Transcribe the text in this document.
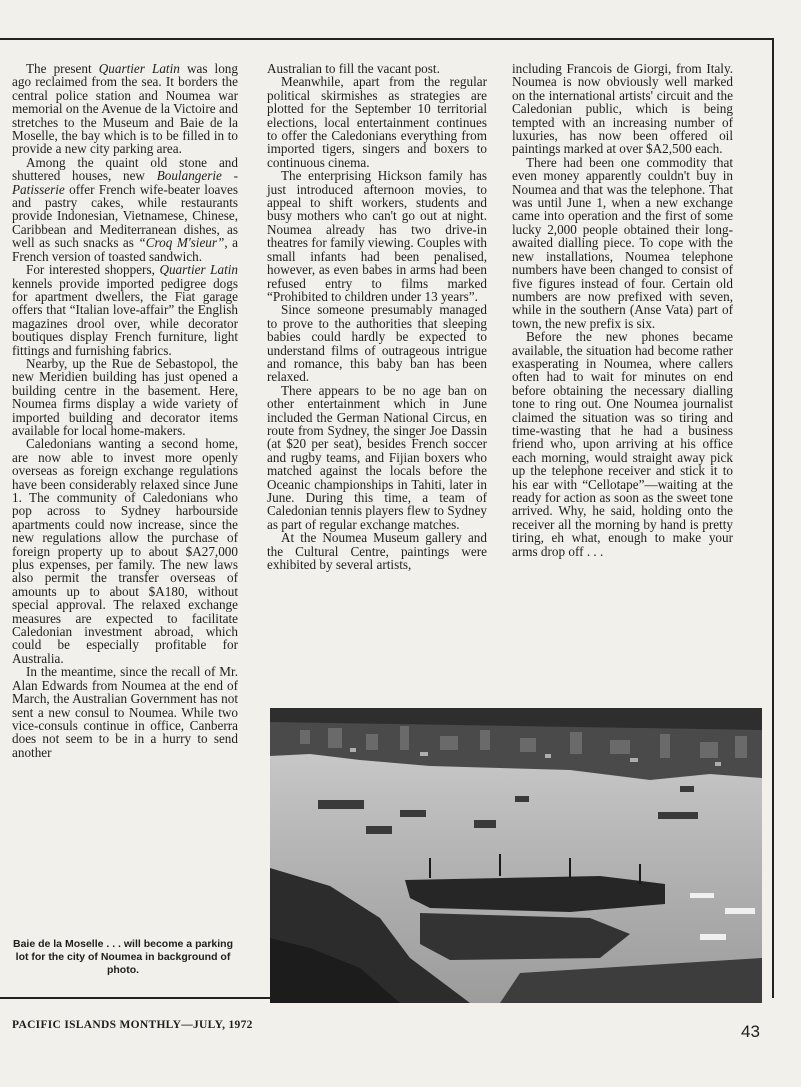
The present Quartier Latin was long ago reclaimed from the sea. It borders the central police station and Noumea war memorial on the Avenue de la Victoire and stretches to the Museum and Baie de la Moselle, the bay which is to be filled in to provide a new city parking area.

Among the quaint old stone and shuttered houses, new Boulangerie - Patisserie offer French wife-beater loaves and pastry cakes, while restaurants provide Indonesian, Vietnamese, Chinese, Caribbean and Mediterranean dishes, as well as such snacks as “Croq M'sieur”, a French version of toasted sandwich.

For interested shoppers, Quartier Latin kennels provide imported pedigree dogs for apartment dwellers, the Fiat garage offers that “Italian love-affair” the English magazines drool over, while decorator boutiques display French furniture, light fittings and furnishing fabrics.

Nearby, up the Rue de Sebastopol, the new Meridien building has just opened a building centre in the basement. Here, Noumea firms display a wide variety of imported building and decorator items available for local home-makers.

Caledonians wanting a second home, are now able to invest more openly overseas as foreign exchange regulations have been considerably relaxed since June 1. The community of Caledonians who pop across to Sydney harbourside apartments could now increase, since the new regulations allow the purchase of foreign property up to about $A27,000 plus expenses, per family. The new laws also permit the transfer overseas of amounts up to about $A180, without special approval. The relaxed exchange measures are expected to facilitate Caledonian investment abroad, which could be especially profitable for Australia.

In the meantime, since the recall of Mr. Alan Edwards from Noumea at the end of March, the Australian Government has not sent a new consul to Noumea. While two vice-consuls continue in office, Canberra does not seem to be in a hurry to send another

Australian to fill the vacant post.

Meanwhile, apart from the regular political skirmishes as strategies are plotted for the September 10 territorial elections, local entertainment continues to offer the Caledonians everything from imported tigers, singers and boxers to continuous cinema.

The enterprising Hickson family has just introduced afternoon movies, to appeal to shift workers, students and busy mothers who can't go out at night. Noumea already has two drive-in theatres for family viewing. Couples with small infants had been penalised, however, as even babes in arms had been refused entry to films marked “Prohibited to children under 13 years”.

Since someone presumably managed to prove to the authorities that sleeping babies could hardly be expected to understand films of outrageous intrigue and romance, this baby ban has been relaxed.

There appears to be no age ban on other entertainment which in June included the German National Circus, en route from Sydney, the singer Joe Dassin (at $20 per seat), besides French soccer and rugby teams, and Fijian boxers who matched against the locals before the Oceanic championships in Tahiti, later in June. During this time, a team of Caledonian tennis players flew to Sydney as part of regular exchange matches.

At the Noumea Museum gallery and the Cultural Centre, paintings were exhibited by several artists,

including Francois de Giorgi, from Italy. Noumea is now obviously well marked on the international artists' circuit and the Caledonian public, which is being tempted with an increasing number of luxuries, has now been offered oil paintings marked at over $A2,500 each.

There had been one commodity that even money apparently couldn't buy in Noumea and that was the telephone. That was until June 1, when a new exchange came into operation and the first of some lucky 2,000 people obtained their long-awaited dialling piece. To cope with the new installations, Noumea telephone numbers have been changed to consist of five figures instead of four. Certain old numbers are now prefixed with seven, while in the southern (Anse Vata) part of town, the new prefix is six.

Before the new phones became available, the situation had become rather exasperating in Noumea, where callers often had to wait for minutes on end before obtaining the necessary dialling tone to ring out. One Noumea journalist claimed the situation was so tiring and time-wasting that he had a business friend who, upon arriving at his office each morning, would straight away pick up the telephone receiver and stick it to his ear with “Cellotape”—waiting at the ready for action as soon as the sweet tone arrived. Why, he said, holding onto the receiver all the morning by hand is pretty tiring, eh what, enough to make your arms drop off . . .

Baie de la Moselle . . . will become a parking lot for the city of Noumea in background of photo.
PACIFIC ISLANDS MONTHLY—JULY, 1972	43
